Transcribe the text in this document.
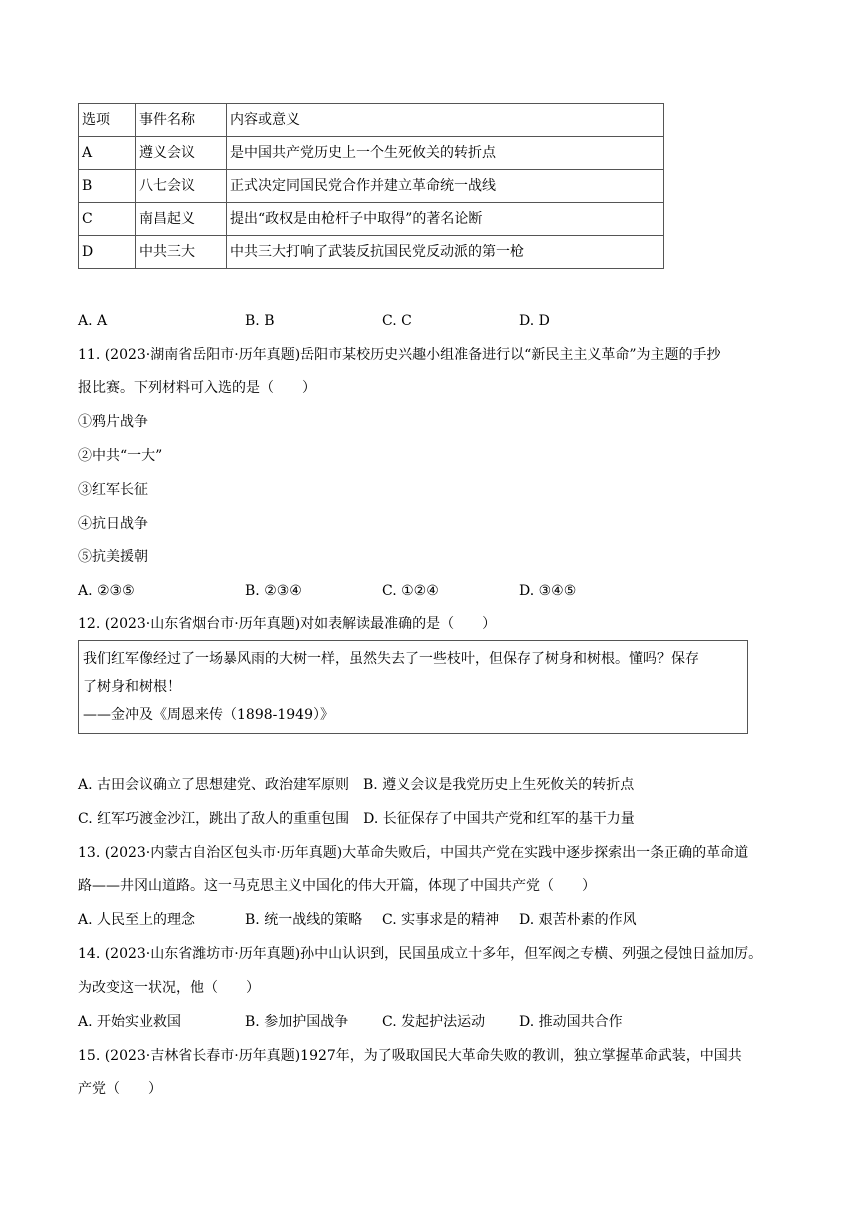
选项	事件名称	内容或意义
A	遵义会议	是中国共产党历史上一个生死攸关的转折点
B	八七会议	正式决定同国民党合作并建立革命统一战线
C	南昌起义	提出“政权是由枪杆子中取得”的著名论断
D	中共三大	中共三大打响了武装反抗国民党反动派的第一枪
A. A	B. B	C. C	D. D
11. (2023·湖南省岳阳市·历年真题)岳阳市某校历史兴趣小组准备进行以“新民主主义革命”为主题的手抄
报比赛。下列材料可入选的是（　　）
①鸦片战争
②中共“一大”
③红军长征
④抗日战争
⑤抗美援朝
A. ②③⑤	B. ②③④	C. ①②④	D. ③④⑤
12. (2023·山东省烟台市·历年真题)对如表解读最准确的是（　　）
我们红军像经过了一场暴风雨的大树一样，虽然失去了一些枝叶，但保存了树身和树根。懂吗？保存
了树身和树根！
——金冲及《周恩来传（1898-1949）》
A. 古田会议确立了思想建党、政治建军原则　B. 遵义会议是我党历史上生死攸关的转折点
C. 红军巧渡金沙江，跳出了敌人的重重包围　D. 长征保存了中国共产党和红军的基干力量
13. (2023·内蒙古自治区包头市·历年真题)大革命失败后，中国共产党在实践中逐步探索出一条正确的革命道
路——井冈山道路。这一马克思主义中国化的伟大开篇，体现了中国共产党（　　）
A. 人民至上的理念	B. 统一战线的策略 C. 实事求是的精神 D. 艰苦朴素的作风
14. (2023·山东省潍坊市·历年真题)孙中山认识到，民国虽成立十多年，但军阀之专横、列强之侵蚀日益加厉。
为改变这一状况，他（　　）
A. 开始实业救国	B. 参加护国战争 C. 发起护法运动 D. 推动国共合作
15. (2023·吉林省长春市·历年真题)1927年，为了吸取国民大革命失败的教训，独立掌握革命武装，中国共
产党（　　）
